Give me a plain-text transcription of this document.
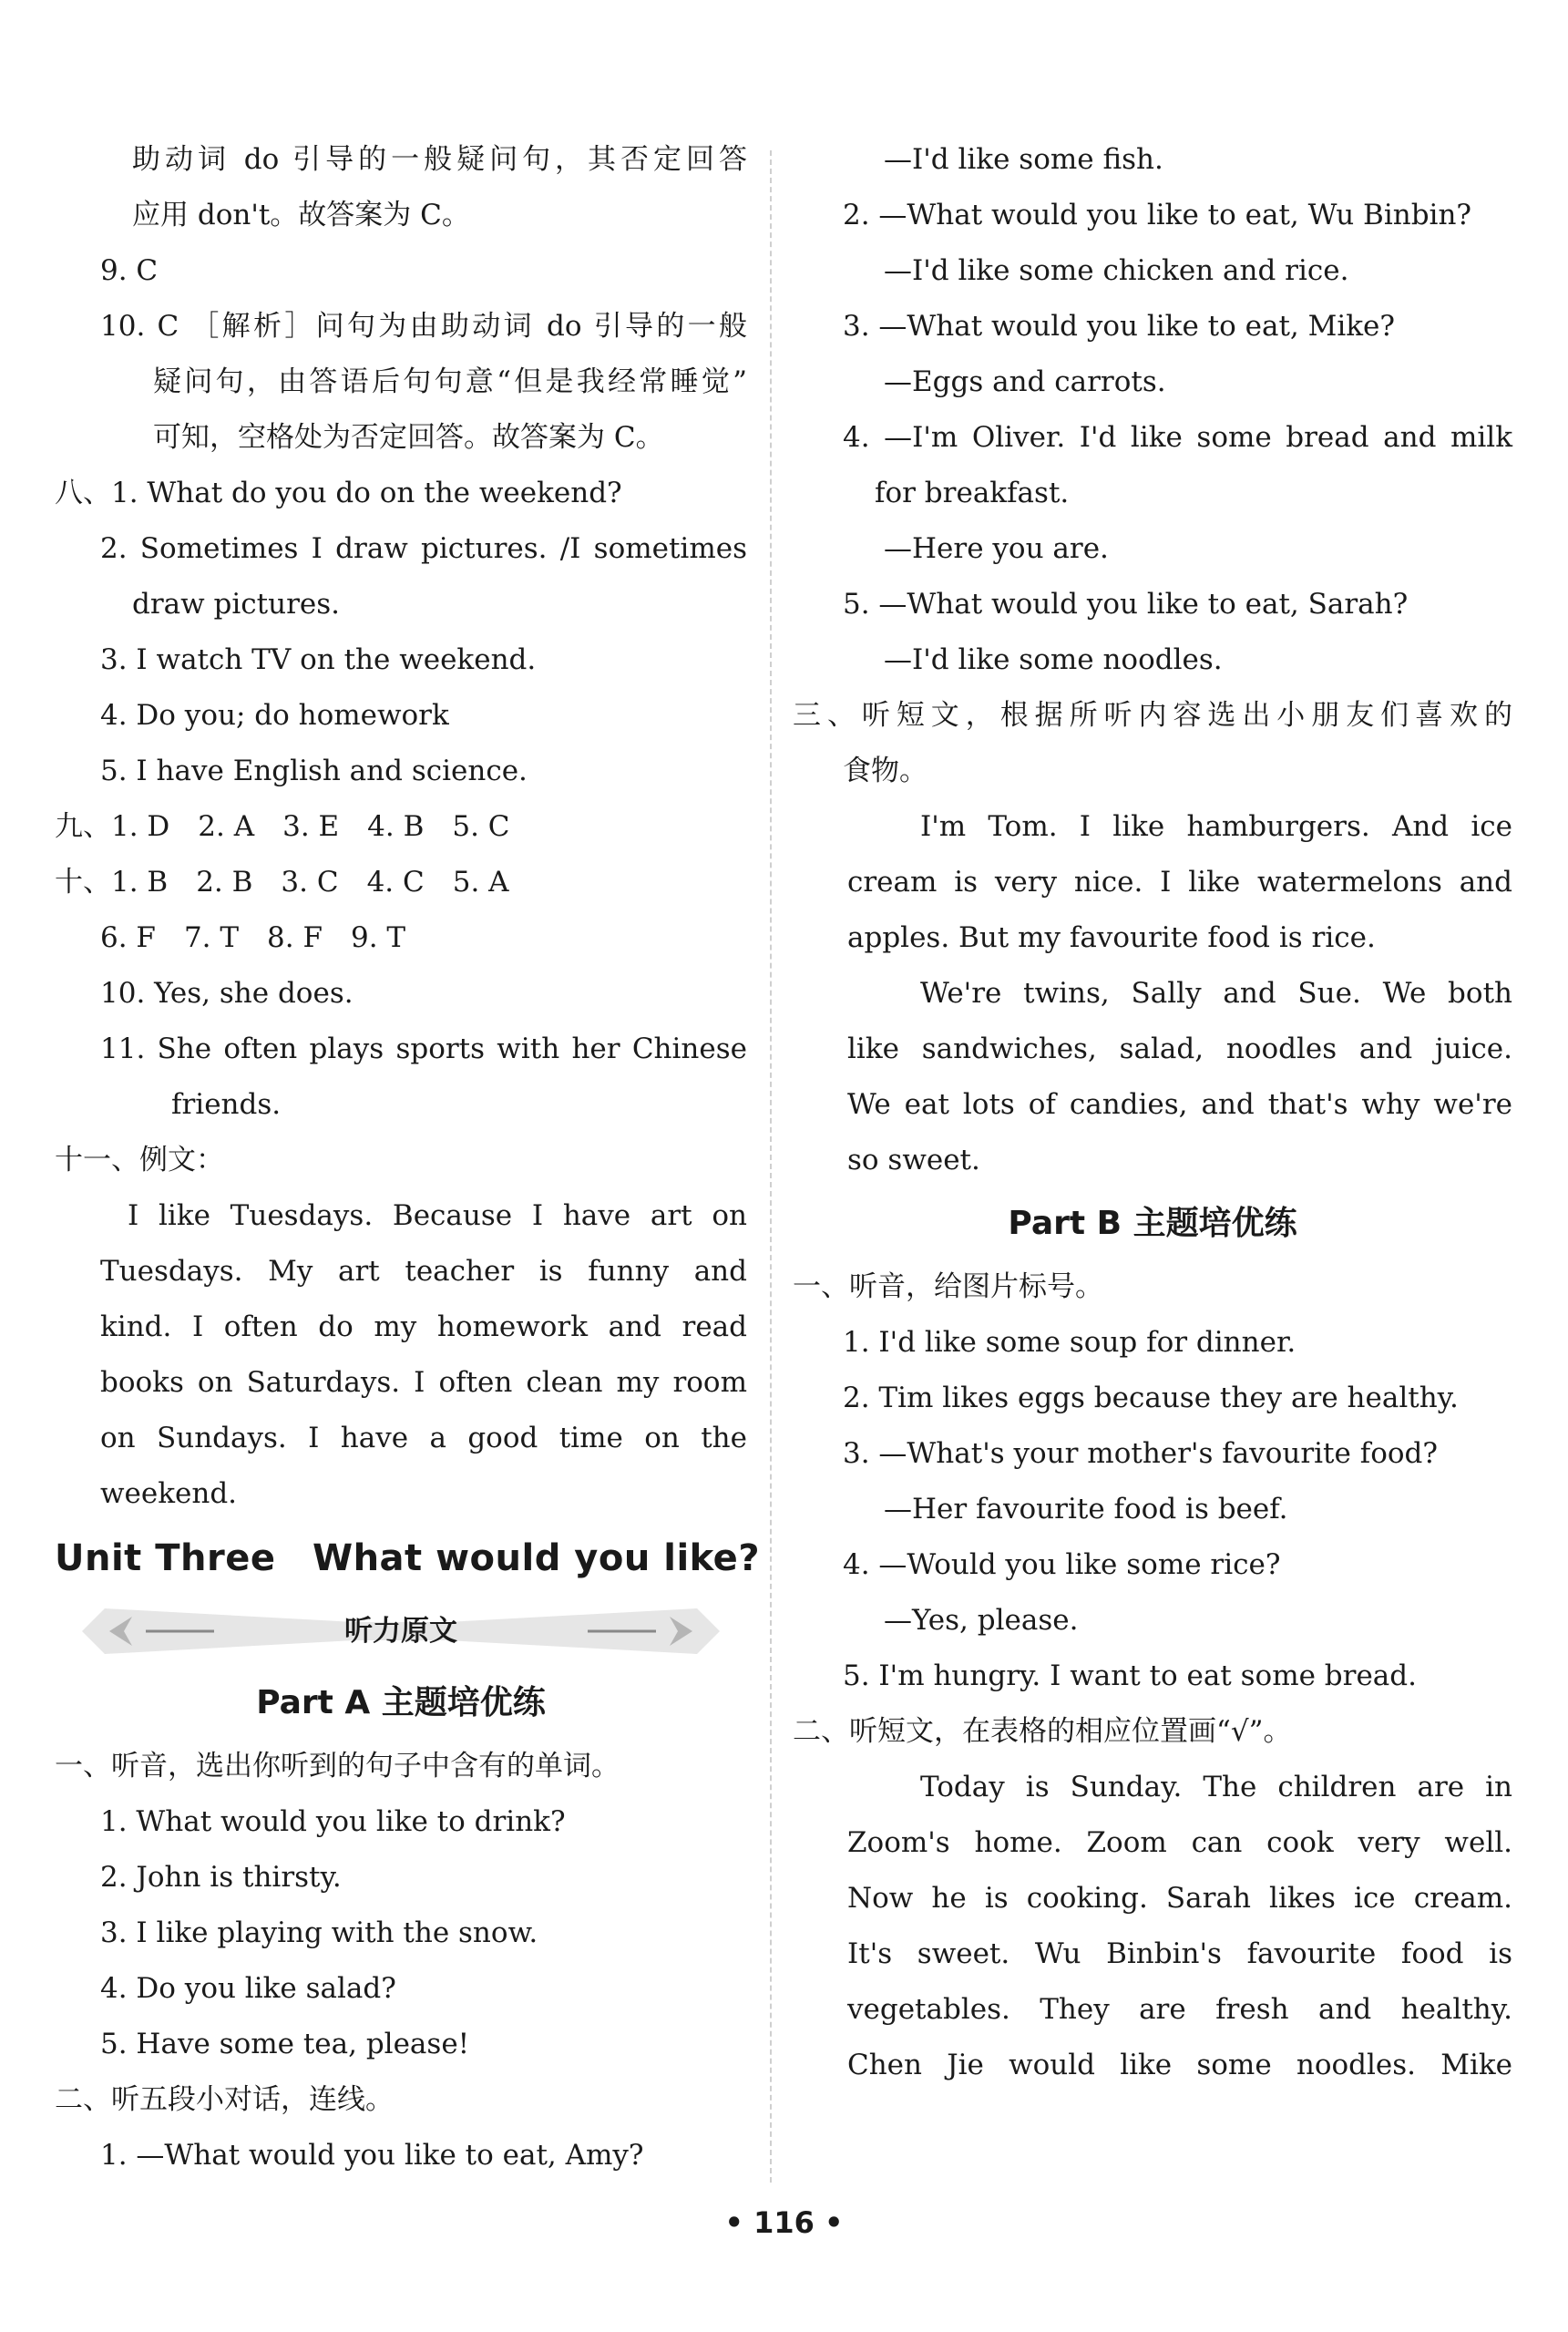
助动词 do 引导的一般疑问句，其否定回答
应用 don't。故答案为 C。
9. C
10. C ［解析］问句为由助动词 do 引导的一般
疑问句，由答语后句句意“但是我经常睡觉”
可知，空格处为否定回答。故答案为 C。
八、1. What do you do on the weekend?
2. Sometimes I draw pictures. /I sometimes
draw pictures.
3. I watch TV on the weekend.
4. Do you; do homework
5. I have English and science.
九、1. D　2. A　3. E　4. B　5. C
十、1. B　2. B　3. C　4. C　5. A
6. F　7. T　8. F　9. T
10. Yes, she does.
11. She often plays sports with her Chinese
friends.
十一、例文：
I like Tuesdays. Because I have art on
Tuesdays. My art teacher is funny and
kind. I often do my homework and read
books on Saturdays. I often clean my room
on Sundays. I have a good time on the
weekend.
Unit Three　What would you like?
听力原文
Part A 主题培优练
一、听音，选出你听到的句子中含有的单词。
1. What would you like to drink?
2. John is thirsty.
3. I like playing with the snow.
4. Do you like salad?
5. Have some tea, please!
二、听五段小对话，连线。
1. —What would you like to eat, Amy?
—I'd like some fish.
2. —What would you like to eat, Wu Binbin?
—I'd like some chicken and rice.
3. —What would you like to eat, Mike?
—Eggs and carrots.
4. —I'm Oliver. I'd like some bread and milk
for breakfast.
—Here you are.
5. —What would you like to eat, Sarah?
—I'd like some noodles.
三、听短文，根据所听内容选出小朋友们喜欢的
食物。
I'm Tom. I like hamburgers. And ice
cream is very nice. I like watermelons and
apples. But my favourite food is rice.
We're twins, Sally and Sue. We both
like sandwiches, salad, noodles and juice.
We eat lots of candies, and that's why we're
so sweet.
Part B 主题培优练
一、听音，给图片标号。
1. I'd like some soup for dinner.
2. Tim likes eggs because they are healthy.
3. —What's your mother's favourite food?
—Her favourite food is beef.
4. —Would you like some rice?
—Yes, please.
5. I'm hungry. I want to eat some bread.
二、听短文，在表格的相应位置画“√”。
Today is Sunday. The children are in
Zoom's home. Zoom can cook very well.
Now he is cooking. Sarah likes ice cream.
It's sweet. Wu Binbin's favourite food is
vegetables. They are fresh and healthy.
Chen Jie would like some noodles. Mike
• 116 •
